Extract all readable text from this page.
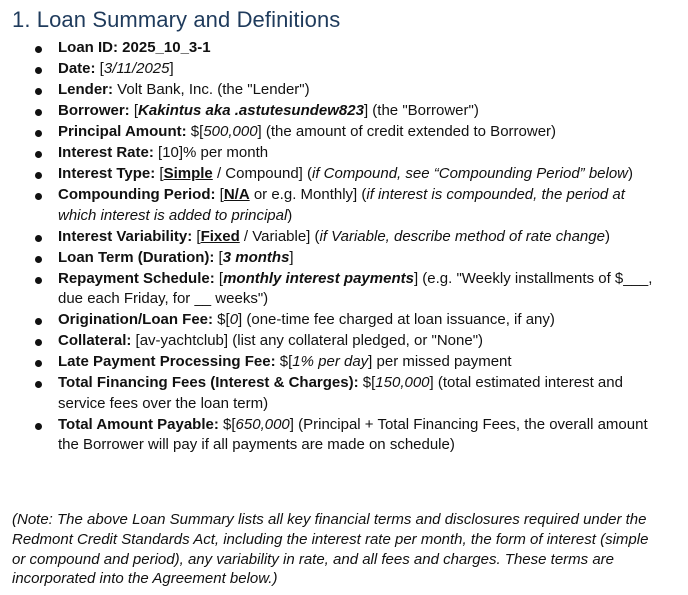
1. Loan Summary and Definitions
Loan ID: 2025_10_3-1
Date: [3/11/2025]
Lender: Volt Bank, Inc. (the "Lender")
Borrower: [Kakintus aka .astutesundew823] (the "Borrower")
Principal Amount: $[500,000] (the amount of credit extended to Borrower)
Interest Rate: [10]% per month
Interest Type: [Simple / Compound] (if Compound, see “Compounding Period” below)
Compounding Period: [N/A or e.g. Monthly] (if interest is compounded, the period at which interest is added to principal)
Interest Variability: [Fixed / Variable] (if Variable, describe method of rate change)
Loan Term (Duration): [3 months]
Repayment Schedule: [monthly interest payments] (e.g. "Weekly installments of $___, due each Friday, for __ weeks")
Origination/Loan Fee: $[0] (one-time fee charged at loan issuance, if any)
Collateral: [av-yachtclub] (list any collateral pledged, or "None")
Late Payment Processing Fee: $[1% per day] per missed payment
Total Financing Fees (Interest & Charges): $[150,000] (total estimated interest and service fees over the loan term)
Total Amount Payable: $[650,000] (Principal + Total Financing Fees, the overall amount the Borrower will pay if all payments are made on schedule)
(Note: The above Loan Summary lists all key financial terms and disclosures required under the Redmont Credit Standards Act, including the interest rate per month, the form of interest (simple or compound and period), any variability in rate, and all fees and charges. These terms are incorporated into the Agreement below.)
